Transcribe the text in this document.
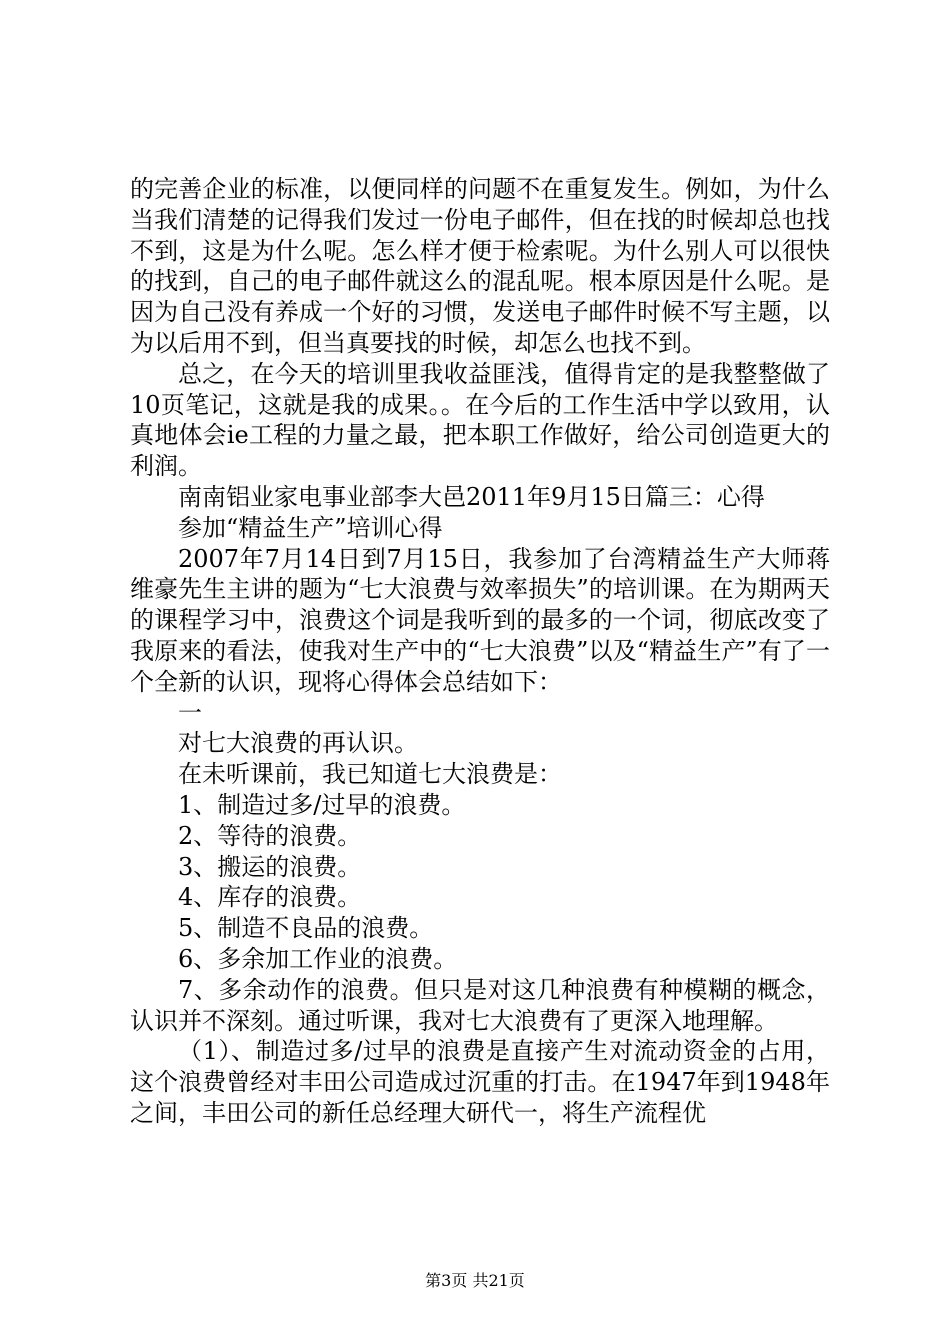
的完善企业的标准，以便同样的问题不在重复发生。例如，为什么当我们清楚的记得我们发过一份电子邮件，但在找的时候却总也找不到，这是为什么呢。怎么样才便于检索呢。为什么别人可以很快的找到，自己的电子邮件就这么的混乱呢。根本原因是什么呢。是因为自己没有养成一个好的习惯，发送电子邮件时候不写主题，以为以后用不到，但当真要找的时候，却怎么也找不到。

总之，在今天的培训里我收益匪浅，值得肯定的是我整整做了10页笔记，这就是我的成果。。在今后的工作生活中学以致用，认真地体会ie工程的力量之最，把本职工作做好，给公司创造更大的利润。

南南铝业家电事业部李大邑2011年9月15日篇三：心得

参加“精益生产”培训心得

2007年7月14日到7月15日，我参加了台湾精益生产大师蒋维豪先生主讲的题为“七大浪费与效率损失”的培训课。在为期两天的课程学习中，浪费这个词是我听到的最多的一个词，彻底改变了我原来的看法，使我对生产中的“七大浪费”以及“精益生产”有了一个全新的认识，现将心得体会总结如下：

一

对七大浪费的再认识。

在未听课前，我已知道七大浪费是：

1、制造过多/过早的浪费。

2、等待的浪费。

3、搬运的浪费。

4、库存的浪费。

5、制造不良品的浪费。

6、多余加工作业的浪费。

7、多余动作的浪费。但只是对这几种浪费有种模糊的概念，认识并不深刻。通过听课，我对七大浪费有了更深入地理解。

（1）、制造过多/过早的浪费是直接产生对流动资金的占用，这个浪费曾经对丰田公司造成过沉重的打击。在1947年到1948年之间，丰田公司的新任总经理大研代一，将生产流程优

第3页 共21页
